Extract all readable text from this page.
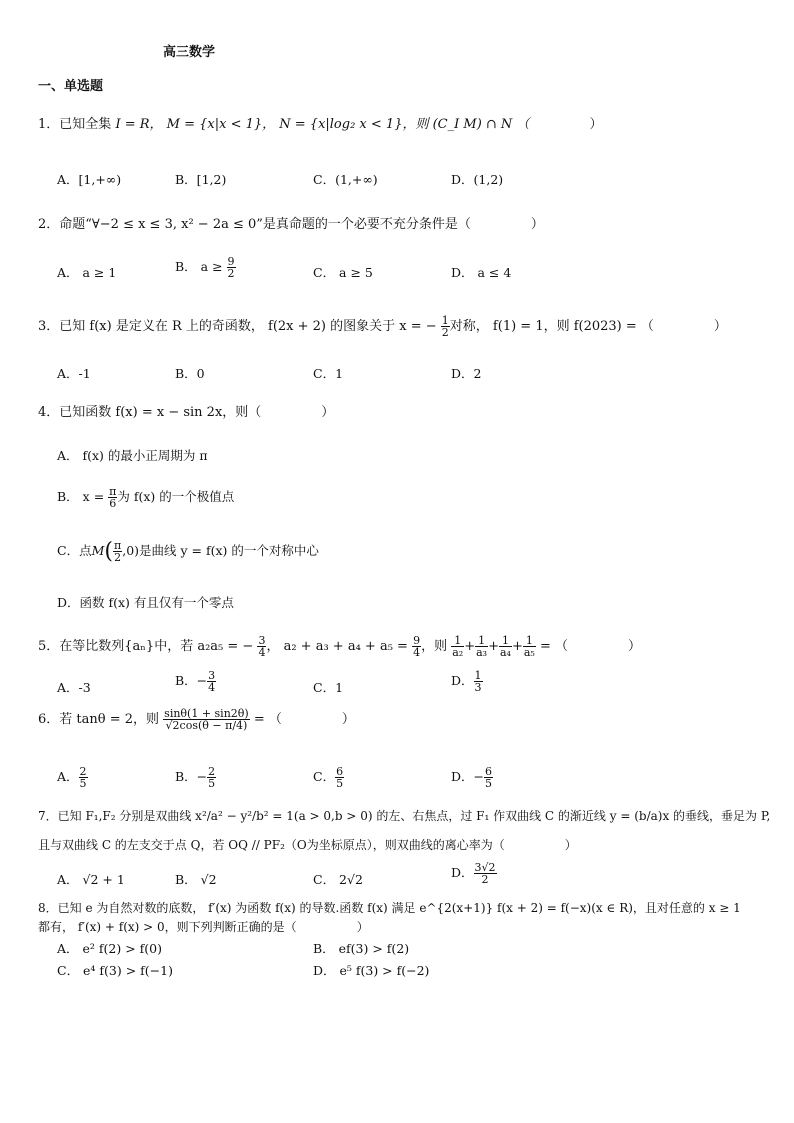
高三数学
一、单选题
1．已知全集 I = R， M = {x|x < 1}， N = {x|log₂ x < 1}，则 (C_I M) ∩ N （	）
A．[1,+∞)	B．[1,2)	C．(1,+∞)	D．(1,2)
2．命题“∀−2 ≤ x ≤ 3, x² − 2a ≤ 0”是真命题的一个必要不充分条件是（	）
A． a ≥ 1	B． $a \ge \frac{9}{2}$	C． a ≥ 5	D． a ≤ 4
3．已知 f(x) 是定义在 R 上的奇函数， f(2x + 2) 的图象关于 x = − $\frac{1}{2}$ 对称， f(1) = 1，则 f(2023) = （	）
A．-1	B．0	C．1	D．2
4．已知函数 f(x) = x − sin 2x，则（	）
A． f(x) 的最小正周期为 π
B． $x = \frac{\pi}{6}$ 为 f(x) 的一个极值点
C．点$M( \frac{\pi}{2} ,0)$是曲线 y = f(x) 的一个对称中心
D．函数 f(x) 有且仅有一个零点
5．在等比数列{aₙ}中，若 a₂a₅ = − $\frac{3}{4}$ ， $a_2 + a_3 + a_4 + a_5 = \frac{9}{4}$ ，则 $\frac{1}{\text{a₂}} + \frac{1}{\text{a₃}} + \frac{1}{\text{a₄}} + \frac{1}{\text{a₅}}$ = （	）
A．-3	B．− $\frac{3}{4}$	C．1	D． $\frac{1}{3}$
6．若 tanθ = 2，则 $\frac{\sin\theta(1 + \sin 2\theta)}{√2\cos(\theta - \pi/4)}$ = （	）
A． $\frac{2}{5}$	B．− $\frac{2}{5}$	C． $\frac{6}{5}$	D．− $\frac{6}{5}$
7．已知 F₁,F₂ 分别是双曲线 x²/a² − y²/b² = 1(a > 0,b > 0) 的左、右焦点，过 F₁ 作双曲线 C 的渐近线 y = (b/a)x 的垂线，垂足为 P,
且与双曲线 C 的左支交于点 Q，若 OQ // PF₂（O为坐标原点），则双曲线的离心率为（	）
A． √2 + 1	B． √2	C． 2√2	D． $\frac{3√2}{2}$
8．已知 e 为自然对数的底数， f′(x) 为函数 f(x) 的导数.函数 f(x) 满足 e^{2(x+1)} f(x + 2) = f(−x)(x ∈ R)，且对任意的 x ≥ 1
都有， f′(x) + f(x) > 0，则下列判断正确的是（	）
A． e² f(2) > f(0)	B． ef(3) > f(2)
C． e⁴ f(3) > f(−1)	D． e⁵ f(3) > f(−2)
